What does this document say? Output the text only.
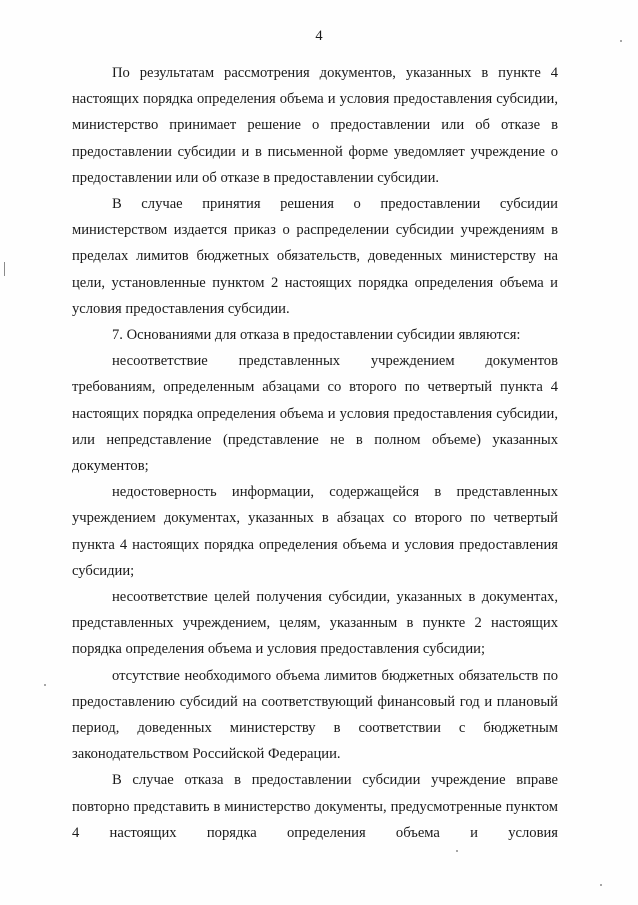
4

По результатам рассмотрения документов, указанных в пункте 4 настоящих порядка определения объема и условия предоставления субсидии, министерство принимает решение о предоставлении или об отказе в предоставлении субсидии и в письменной форме уведомляет учреждение о предоставлении или об отказе в предоставлении субсидии.

В случае принятия решения о предоставлении субсидии министерством издается приказ о распределении субсидии учреждениям в пределах лимитов бюджетных обязательств, доведенных министерству на цели, установленные пунктом 2 настоящих порядка определения объема и условия предоставления субсидии.

7. Основаниями для отказа в предоставлении субсидии являются:

несоответствие представленных учреждением документов требованиям, определенным абзацами со второго по четвертый пункта 4 настоящих порядка определения объема и условия предоставления субсидии, или непредставление (представление не в полном объеме) указанных документов;

недостоверность информации, содержащейся в представленных учреждением документах, указанных в абзацах со второго по четвертый пункта 4 настоящих порядка определения объема и условия предоставления субсидии;

несоответствие целей получения субсидии, указанных в документах, представленных учреждением, целям, указанным в пункте 2 настоящих порядка определения объема и условия предоставления субсидии;

отсутствие необходимого объема лимитов бюджетных обязательств по предоставлению субсидий на соответствующий финансовый год и плановый период, доведенных министерству в соответствии с бюджетным законодательством Российской Федерации.

В случае отказа в предоставлении субсидии учреждение вправе повторно представить в министерство документы, предусмотренные пунктом 4 настоящих порядка определения объема и условия
